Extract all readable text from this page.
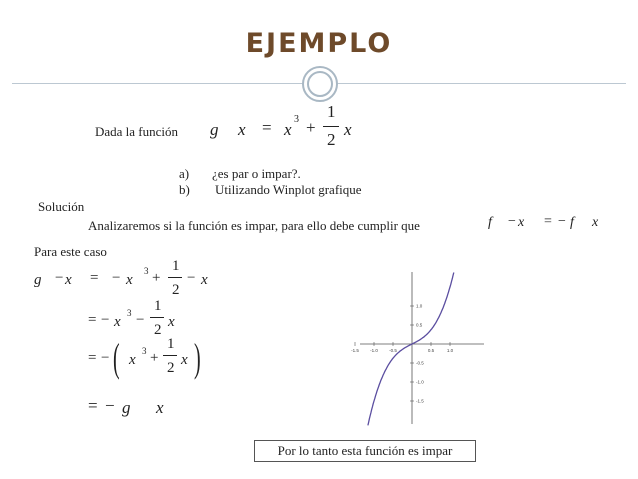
EJEMPLO
Dada la función g x = x
3 +
1
2
x
a) ¿es par o impar?.
b) Utilizando Winplot grafique
Solución
Analizaremos si la función es impar, para ello debe cumplir que	f − x = − f x
Para este caso
g − x = − x
3 +
1
2
− x
= − x
3 −
1
2 x
= − ( x
3 +
1
2 x )
= − g x
-1.5 -1.0 -0.5	0.5	1.0
1.0
0.5
-0.5
-1.0
-1.5
Por lo tanto esta función es impar
